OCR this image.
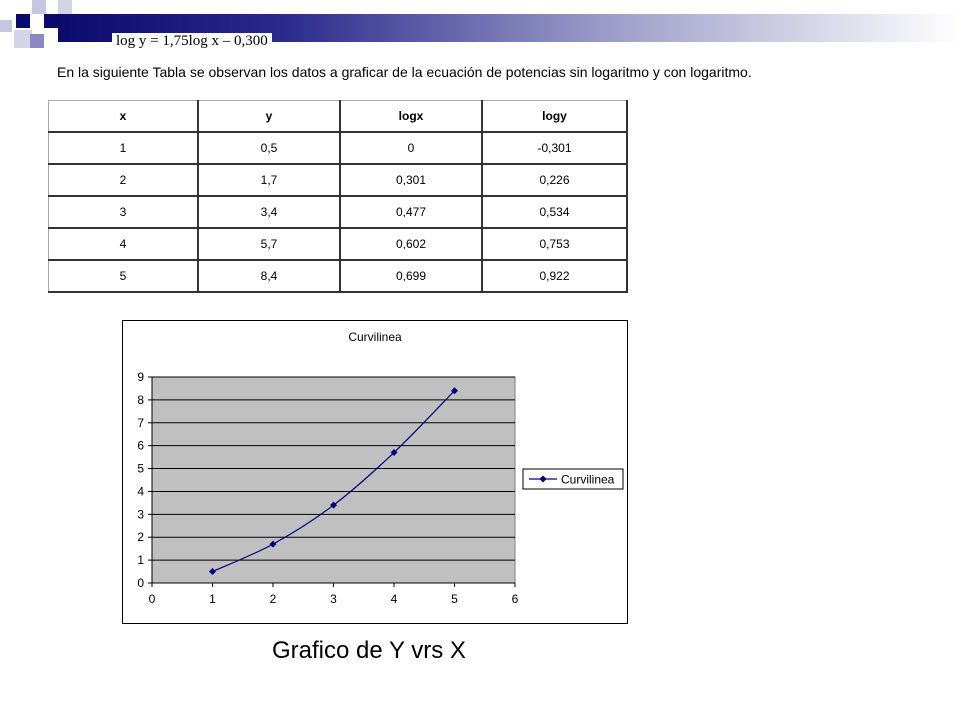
log y = 1,75log x – 0,300
En la siguiente Tabla se observan los datos a graficar de la ecuación de potencias sin logaritmo y con logaritmo.
x	y	logx	logy
1	0,5	0	-0,301
2	1,7	0,301	0,226
3	3,4	0,477	0,534
4	5,7	0,602	0,753
5	8,4	0,699	0,922
Curvilinea
0
1
2
3
4
5
6
7
8
9
0	1	2	3	4	5	6
Curvilinea
Grafico de Y vrs X
